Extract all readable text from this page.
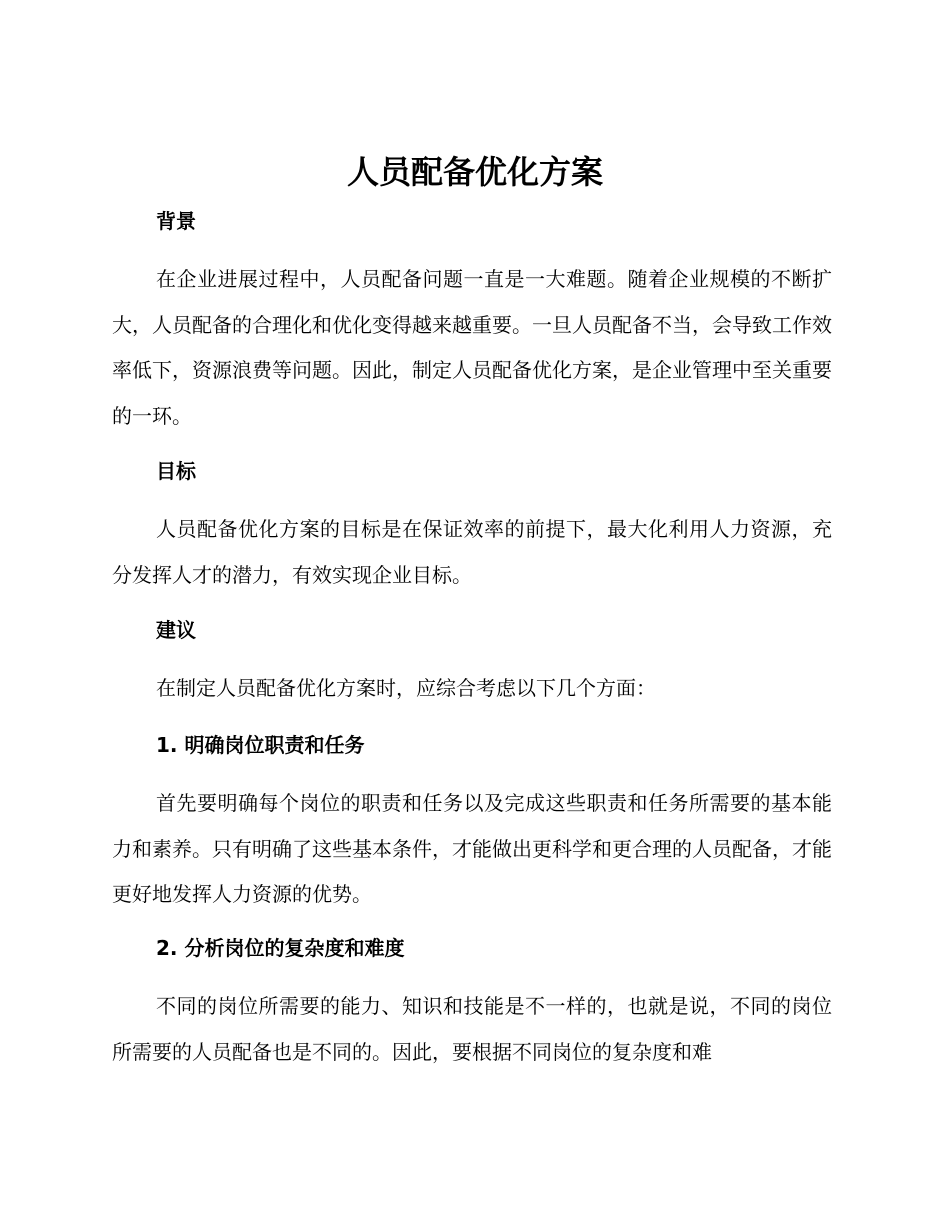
人员配备优化方案
背景

在企业进展过程中，人员配备问题一直是一大难题。随着企业规模的不断扩大，人员配备的合理化和优化变得越来越重要。一旦人员配备不当，会导致工作效率低下，资源浪费等问题。因此，制定人员配备优化方案，是企业管理中至关重要的一环。

目标

人员配备优化方案的目标是在保证效率的前提下，最大化利用人力资源，充分发挥人才的潜力，有效实现企业目标。

建议

在制定人员配备优化方案时，应综合考虑以下几个方面：

1. 明确岗位职责和任务

首先要明确每个岗位的职责和任务以及完成这些职责和任务所需要的基本能力和素养。只有明确了这些基本条件，才能做出更科学和更合理的人员配备，才能更好地发挥人力资源的优势。

2. 分析岗位的复杂度和难度

不同的岗位所需要的能力、知识和技能是不一样的，也就是说，不同的岗位所需要的人员配备也是不同的。因此，要根据不同岗位的复杂度和难
